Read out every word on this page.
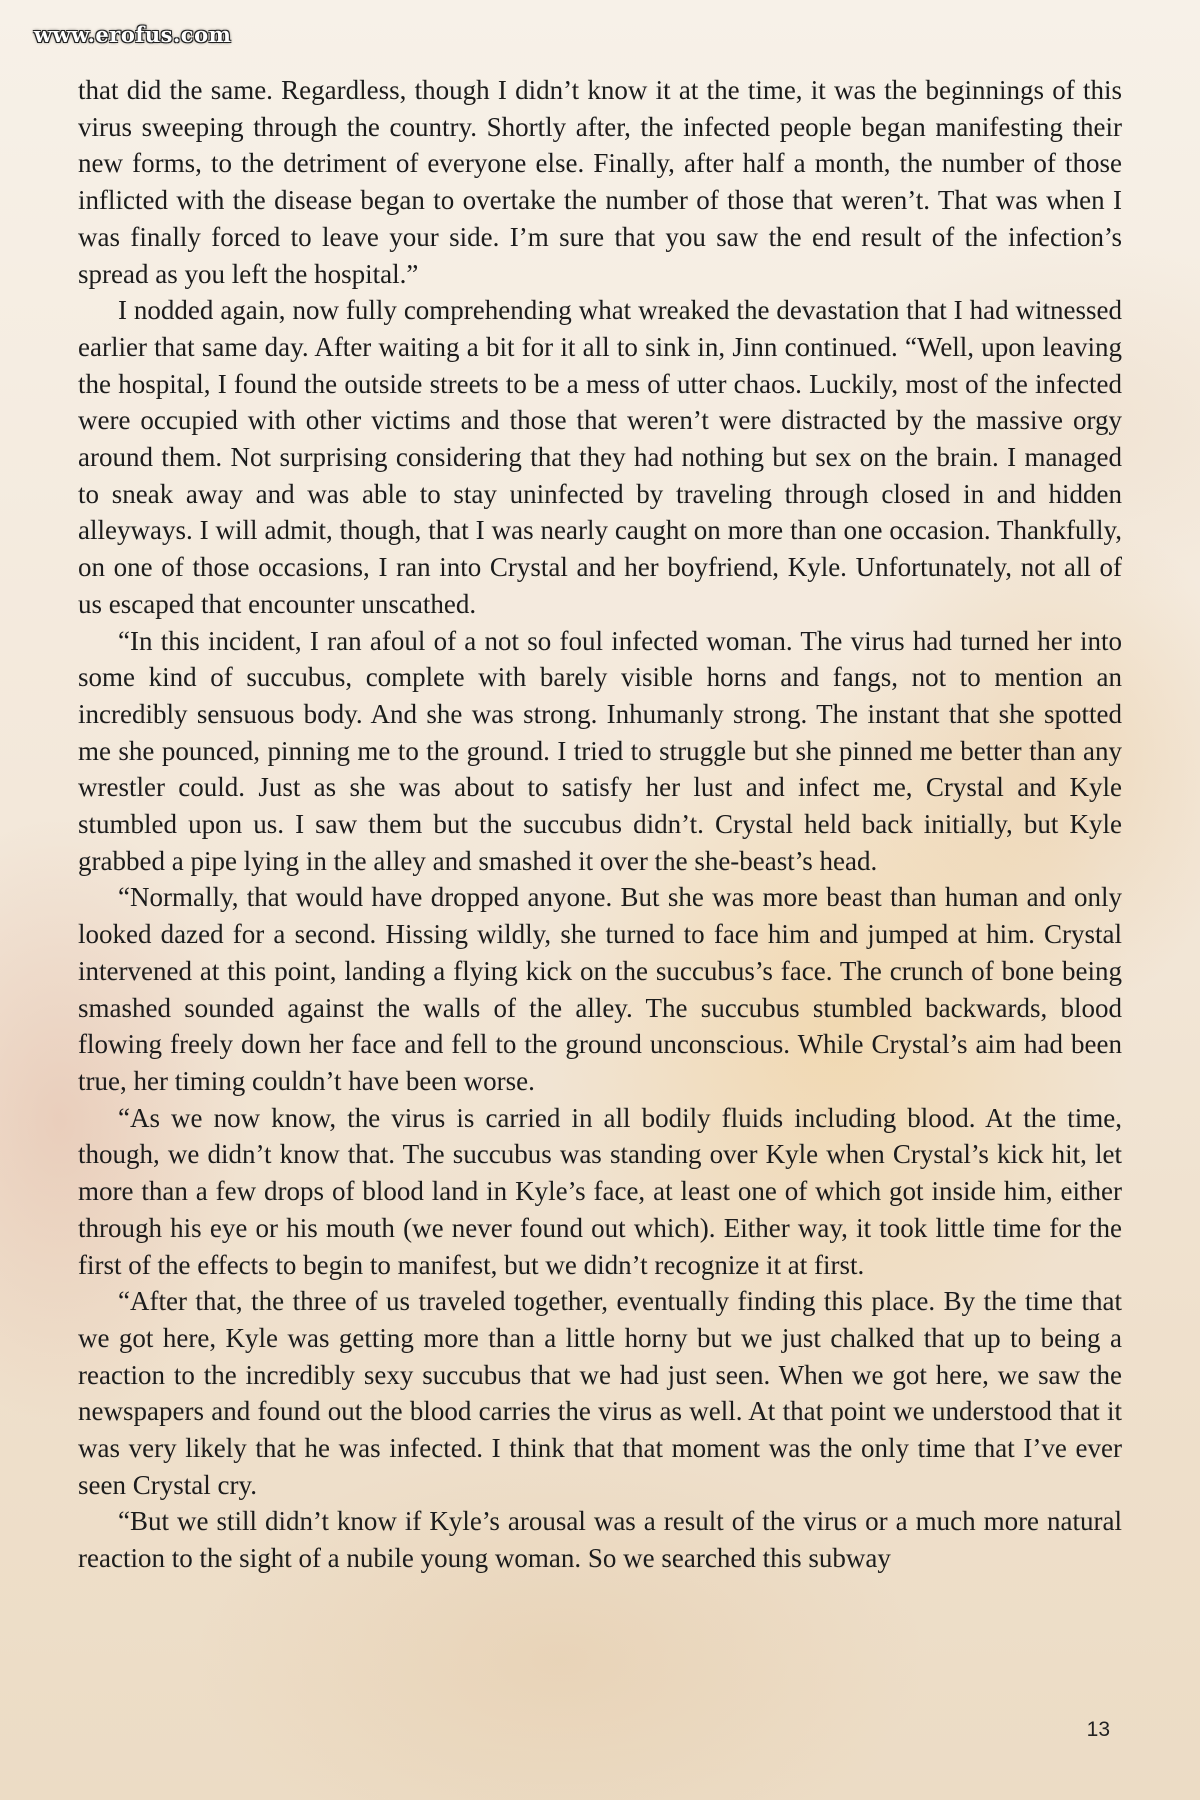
www.erofus.com

that did the same. Regardless, though I didn’t know it at the time, it was the beginnings of this virus sweeping through the country. Shortly after, the infected people began manifesting their new forms, to the detriment of everyone else. Finally, after half a month, the number of those inflicted with the disease began to overtake the number of those that weren’t. That was when I was finally forced to leave your side. I’m sure that you saw the end result of the infection’s spread as you left the hospital.”

I nodded again, now fully comprehending what wreaked the devastation that I had witnessed earlier that same day. After waiting a bit for it all to sink in, Jinn continued. “Well, upon leaving the hospital, I found the outside streets to be a mess of utter chaos. Luckily, most of the infected were occupied with other victims and those that weren’t were distracted by the massive orgy around them. Not surprising considering that they had nothing but sex on the brain. I managed to sneak away and was able to stay uninfected by traveling through closed in and hidden alleyways. I will admit, though, that I was nearly caught on more than one occasion. Thankfully, on one of those occasions, I ran into Crystal and her boyfriend, Kyle. Unfortunately, not all of us escaped that encounter unscathed.

“In this incident, I ran afoul of a not so foul infected woman. The virus had turned her into some kind of succubus, complete with barely visible horns and fangs, not to mention an incredibly sensuous body. And she was strong. Inhumanly strong. The instant that she spotted me she pounced, pinning me to the ground. I tried to struggle but she pinned me better than any wrestler could. Just as she was about to satisfy her lust and infect me, Crystal and Kyle stumbled upon us. I saw them but the succubus didn’t. Crystal held back initially, but Kyle grabbed a pipe lying in the alley and smashed it over the she-beast’s head.

“Normally, that would have dropped anyone. But she was more beast than human and only looked dazed for a second. Hissing wildly, she turned to face him and jumped at him. Crystal intervened at this point, landing a flying kick on the succubus’s face. The crunch of bone being smashed sounded against the walls of the alley. The succubus stumbled backwards, blood flowing freely down her face and fell to the ground unconscious. While Crystal’s aim had been true, her timing couldn’t have been worse.

“As we now know, the virus is carried in all bodily fluids including blood. At the time, though, we didn’t know that. The succubus was standing over Kyle when Crystal’s kick hit, let more than a few drops of blood land in Kyle’s face, at least one of which got inside him, either through his eye or his mouth (we never found out which). Either way, it took little time for the first of the effects to begin to manifest, but we didn’t recognize it at first.

“After that, the three of us traveled together, eventually finding this place. By the time that we got here, Kyle was getting more than a little horny but we just chalked that up to being a reaction to the incredibly sexy succubus that we had just seen. When we got here, we saw the newspapers and found out the blood carries the virus as well. At that point we understood that it was very likely that he was infected. I think that that moment was the only time that I’ve ever seen Crystal cry.

“But we still didn’t know if Kyle’s arousal was a result of the virus or a much more natural reaction to the sight of a nubile young woman. So we searched this subway

13
